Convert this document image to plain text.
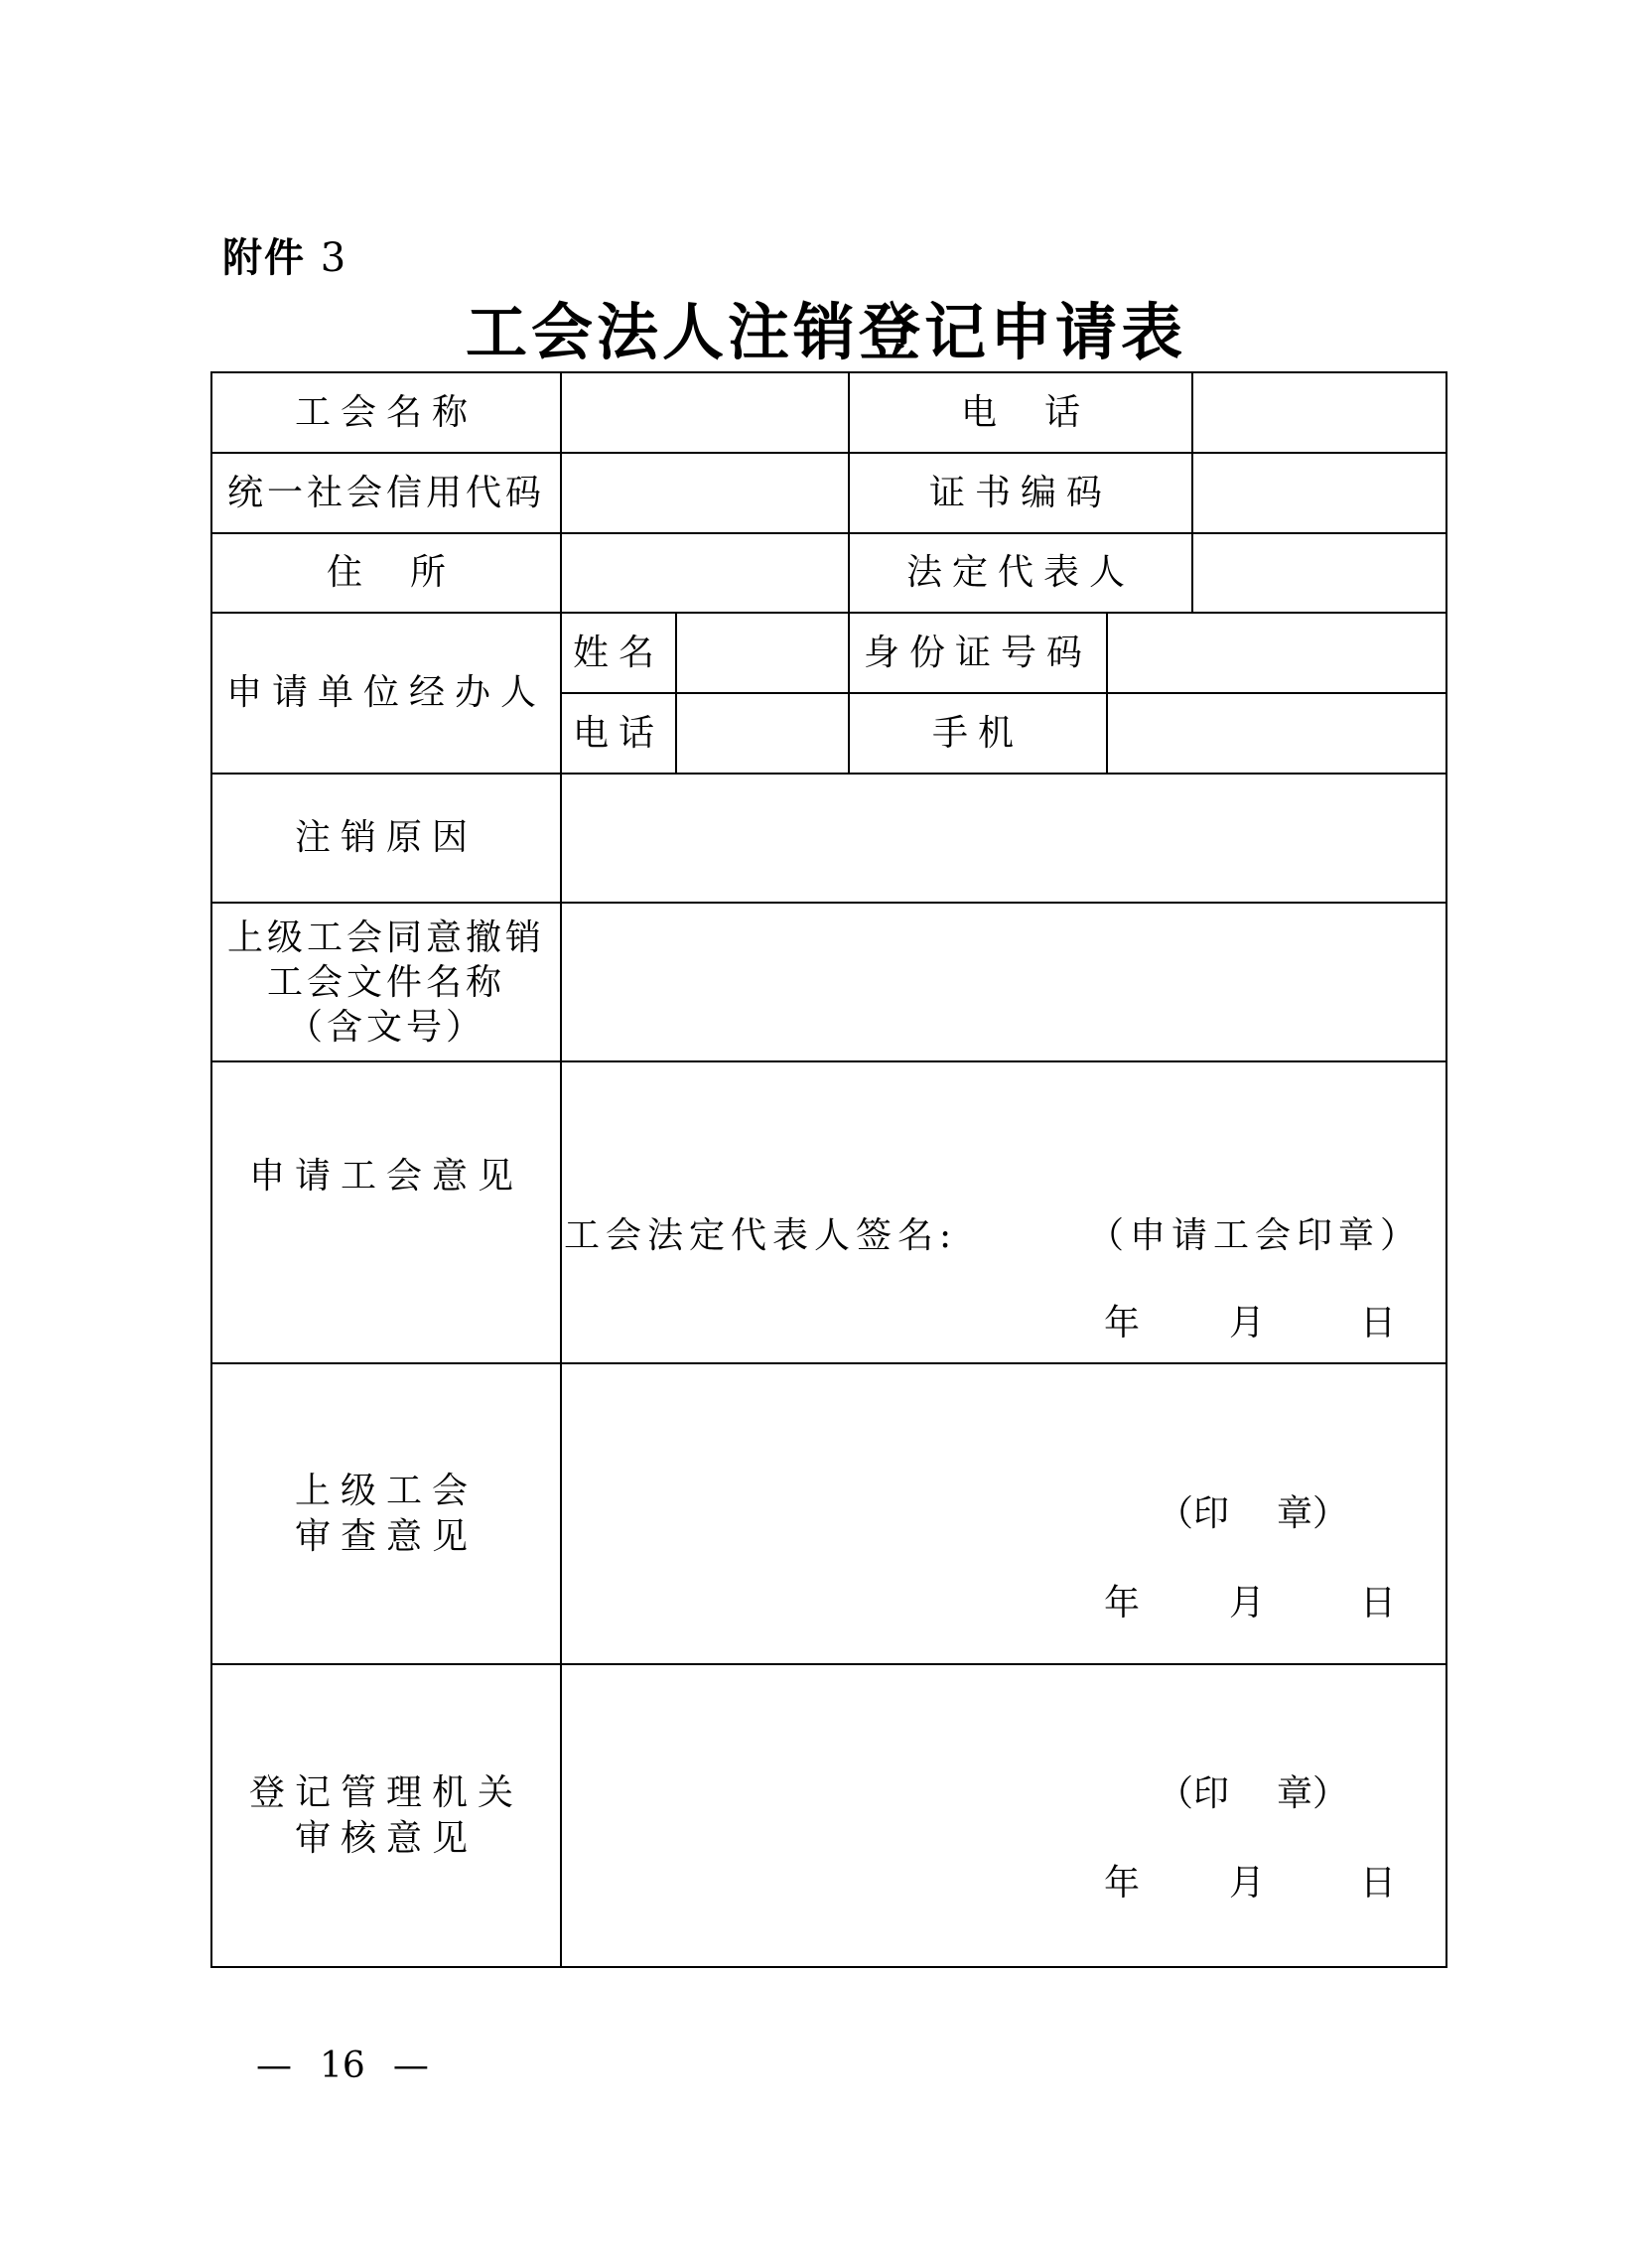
附件 3
工会法人注销登记申请表
工会名称	电 话
统一社会信用代码	证书编码
住 所	法定代表人
申请单位经办人
姓名	身份证号码
电话	手机
注销原因
上级工会同意撤销
工会文件名称
（含文号）
申请工会意见
工会法定代表人签名:	（申请工会印章）
年 月	日
上级工会
审查意见
（印 章）
年 月	日
登记管理机关
审核意见
（印 章）
年 月	日
— 16 —
